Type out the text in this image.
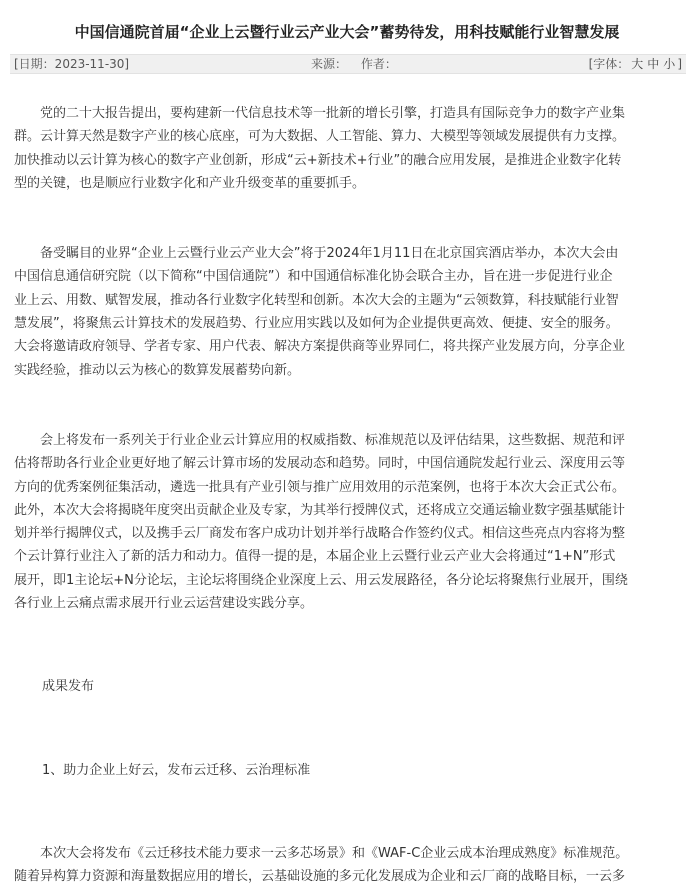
中国信通院首届“企业上云暨行业云产业大会”蓄势待发，用科技赋能行业智慧发展
[日期：2023-11-30]	来源： 作者：	[字体： 大 中 小 ]

党的二十大报告提出，要构建新一代信息技术等一批新的增长引擎，打造具有国际竞争力的数字产业集
群。云计算天然是数字产业的核心底座，可为大数据、人工智能、算力、大模型等领域发展提供有力支撑。
加快推动以云计算为核心的数字产业创新，形成“云+新技术+行业”的融合应用发展，是推进企业数字化转
型的关键，也是顺应行业数字化和产业升级变革的重要抓手。

备受瞩目的业界“企业上云暨行业云产业大会”将于2024年1月11日在北京国宾酒店举办，本次大会由
中国信息通信研究院（以下简称“中国信通院”）和中国通信标准化协会联合主办，旨在进一步促进行业企
业上云、用数、赋智发展，推动各行业数字化转型和创新。本次大会的主题为“云领数算，科技赋能行业智
慧发展”，将聚焦云计算技术的发展趋势、行业应用实践以及如何为企业提供更高效、便捷、安全的服务。
大会将邀请政府领导、学者专家、用户代表、解决方案提供商等业界同仁，将共探产业发展方向，分享企业
实践经验，推动以云为核心的数算发展蓄势向新。

会上将发布一系列关于行业企业云计算应用的权威指数、标准规范以及评估结果，这些数据、规范和评
估将帮助各行业企业更好地了解云计算市场的发展动态和趋势。同时，中国信通院发起行业云、深度用云等
方向的优秀案例征集活动，遴选一批具有产业引领与推广应用效用的示范案例，也将于本次大会正式公布。
此外，本次大会将揭晓年度突出贡献企业及专家，为其举行授牌仪式，还将成立交通运输业数字强基赋能计
划并举行揭牌仪式，以及携手云厂商发布客户成功计划并举行战略合作签约仪式。相信这些亮点内容将为整
个云计算行业注入了新的活力和动力。值得一提的是，本届企业上云暨行业云产业大会将通过“1+N”形式
展开，即1主论坛+N分论坛，主论坛将围绕企业深度上云、用云发展路径，各分论坛将聚焦行业展开，围绕
各行业上云痛点需求展开行业云运营建设实践分享。

成果发布

1、助力企业上好云，发布云迁移、云治理标准

本次大会将发布《云迁移技术能力要求一云多芯场景》和《WAF-C企业云成本治理成熟度》标准规范。
随着异构算力资源和海量数据应用的增长，云基础设施的多元化发展成为企业和云厂商的战略目标，一云多
